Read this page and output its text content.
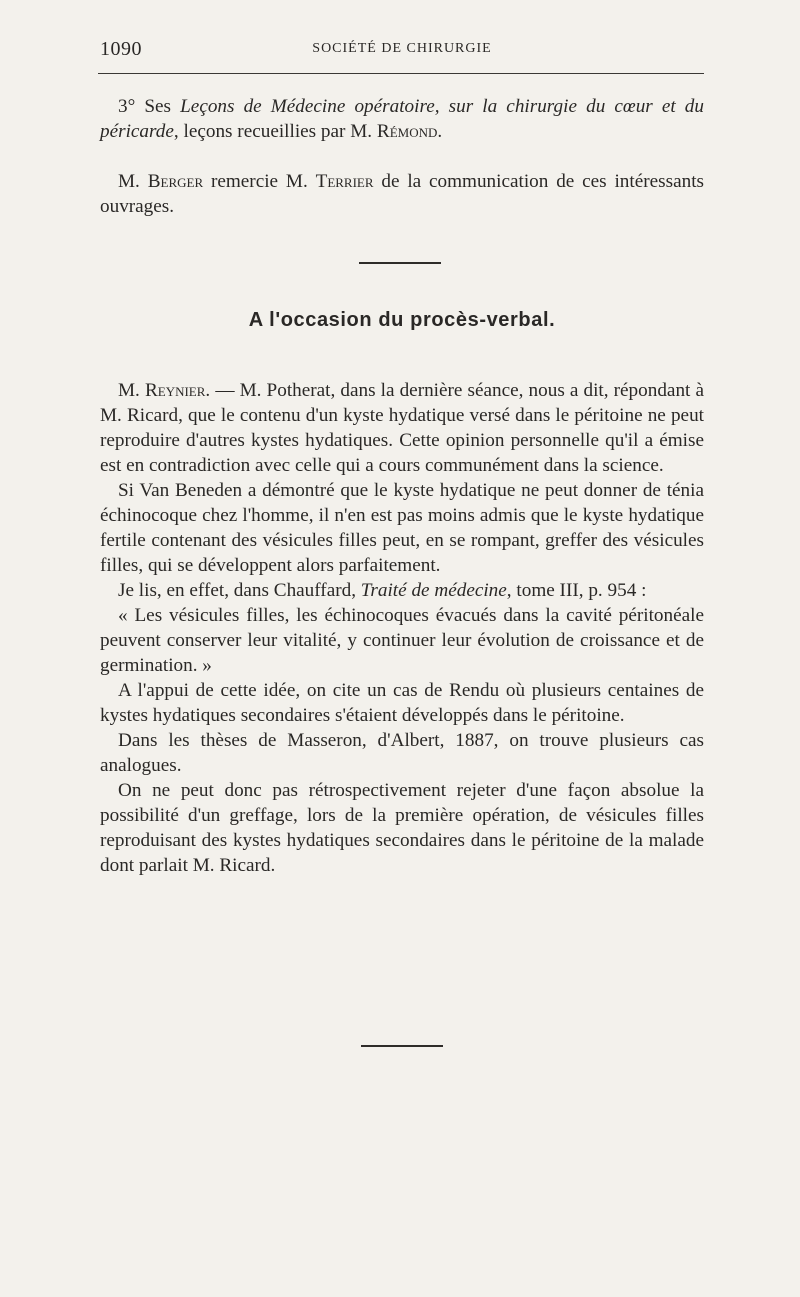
1090	SOCIÉTÉ DE CHIRURGIE

3° Ses Leçons de Médecine opératoire, sur la chirurgie du cœur et du péricarde, leçons recueillies par M. Rémond.

M. Berger remercie M. Terrier de la communication de ces intéressants ouvrages.

A l'occasion du procès-verbal.

M. Reynier. — M. Potherat, dans la dernière séance, nous a dit, répondant à M. Ricard, que le contenu d'un kyste hydatique versé dans le péritoine ne peut reproduire d'autres kystes hydatiques. Cette opinion personnelle qu'il a émise est en contradiction avec celle qui a cours communément dans la science.

Si Van Beneden a démontré que le kyste hydatique ne peut donner de ténia échinocoque chez l'homme, il n'en est pas moins admis que le kyste hydatique fertile contenant des vésicules filles peut, en se rompant, greffer des vésicules filles, qui se développent alors parfaitement.

Je lis, en effet, dans Chauffard, Traité de médecine, tome III, p. 954 :

« Les vésicules filles, les échinocoques évacués dans la cavité péritonéale peuvent conserver leur vitalité, y continuer leur évolution de croissance et de germination. »

A l'appui de cette idée, on cite un cas de Rendu où plusieurs centaines de kystes hydatiques secondaires s'étaient développés dans le péritoine.

Dans les thèses de Masseron, d'Albert, 1887, on trouve plusieurs cas analogues.

On ne peut donc pas rétrospectivement rejeter d'une façon absolue la possibilité d'un greffage, lors de la première opération, de vésicules filles reproduisant des kystes hydatiques secondaires dans le péritoine de la malade dont parlait M. Ricard.
